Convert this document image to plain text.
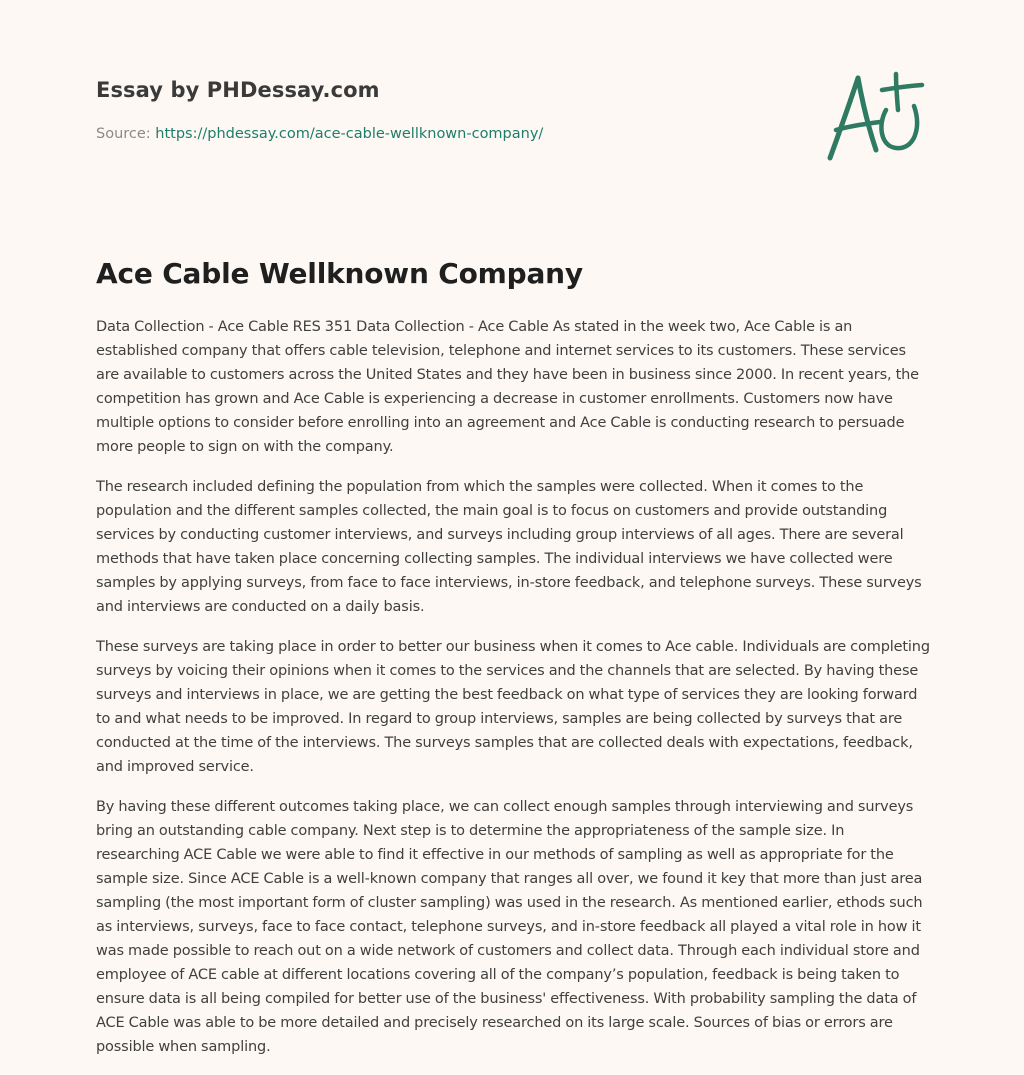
Essay by PHDessay.com
Source: https://phdessay.com/ace-cable-wellknown-company/
Ace Cable Wellknown Company

Data Collection - Ace Cable RES 351 Data Collection - Ace Cable As stated in the week two, Ace Cable is an established company that offers cable television, telephone and internet services to its customers. These services are available to customers across the United States and they have been in business since 2000. In recent years, the competition has grown and Ace Cable is experiencing a decrease in customer enrollments. Customers now have multiple options to consider before enrolling into an agreement and Ace Cable is conducting research to persuade more people to sign on with the company.

The research included defining the population from which the samples were collected. When it comes to the population and the different samples collected, the main goal is to focus on customers and provide outstanding services by conducting customer interviews, and surveys including group interviews of all ages. There are several methods that have taken place concerning collecting samples. The individual interviews we have collected were samples by applying surveys, from face to face interviews, in-store feedback, and telephone surveys. These surveys and interviews are conducted on a daily basis.

These surveys are taking place in order to better our business when it comes to Ace cable. Individuals are completing surveys by voicing their opinions when it comes to the services and the channels that are selected. By having these surveys and interviews in place, we are getting the best feedback on what type of services they are looking forward to and what needs to be improved. In regard to group interviews, samples are being collected by surveys that are conducted at the time of the interviews. The surveys samples that are collected deals with expectations, feedback, and improved service.

By having these different outcomes taking place, we can collect enough samples through interviewing and surveys bring an outstanding cable company. Next step is to determine the appropriateness of the sample size. In researching ACE Cable we were able to find it effective in our methods of sampling as well as appropriate for the sample size. Since ACE Cable is a well-known company that ranges all over, we found it key that more than just area sampling (the most important form of cluster sampling) was used in the research. As mentioned earlier, ethods such as interviews, surveys, face to face contact, telephone surveys, and in-store feedback all played a vital role in how it was made possible to reach out on a wide network of customers and collect data. Through each individual store and employee of ACE cable at different locations covering all of the company’s population, feedback is being taken to ensure data is all being compiled for better use of the business' effectiveness. With probability sampling the data of ACE Cable was able to be more detailed and precisely researched on its large scale. Sources of bias or errors are possible when sampling.
